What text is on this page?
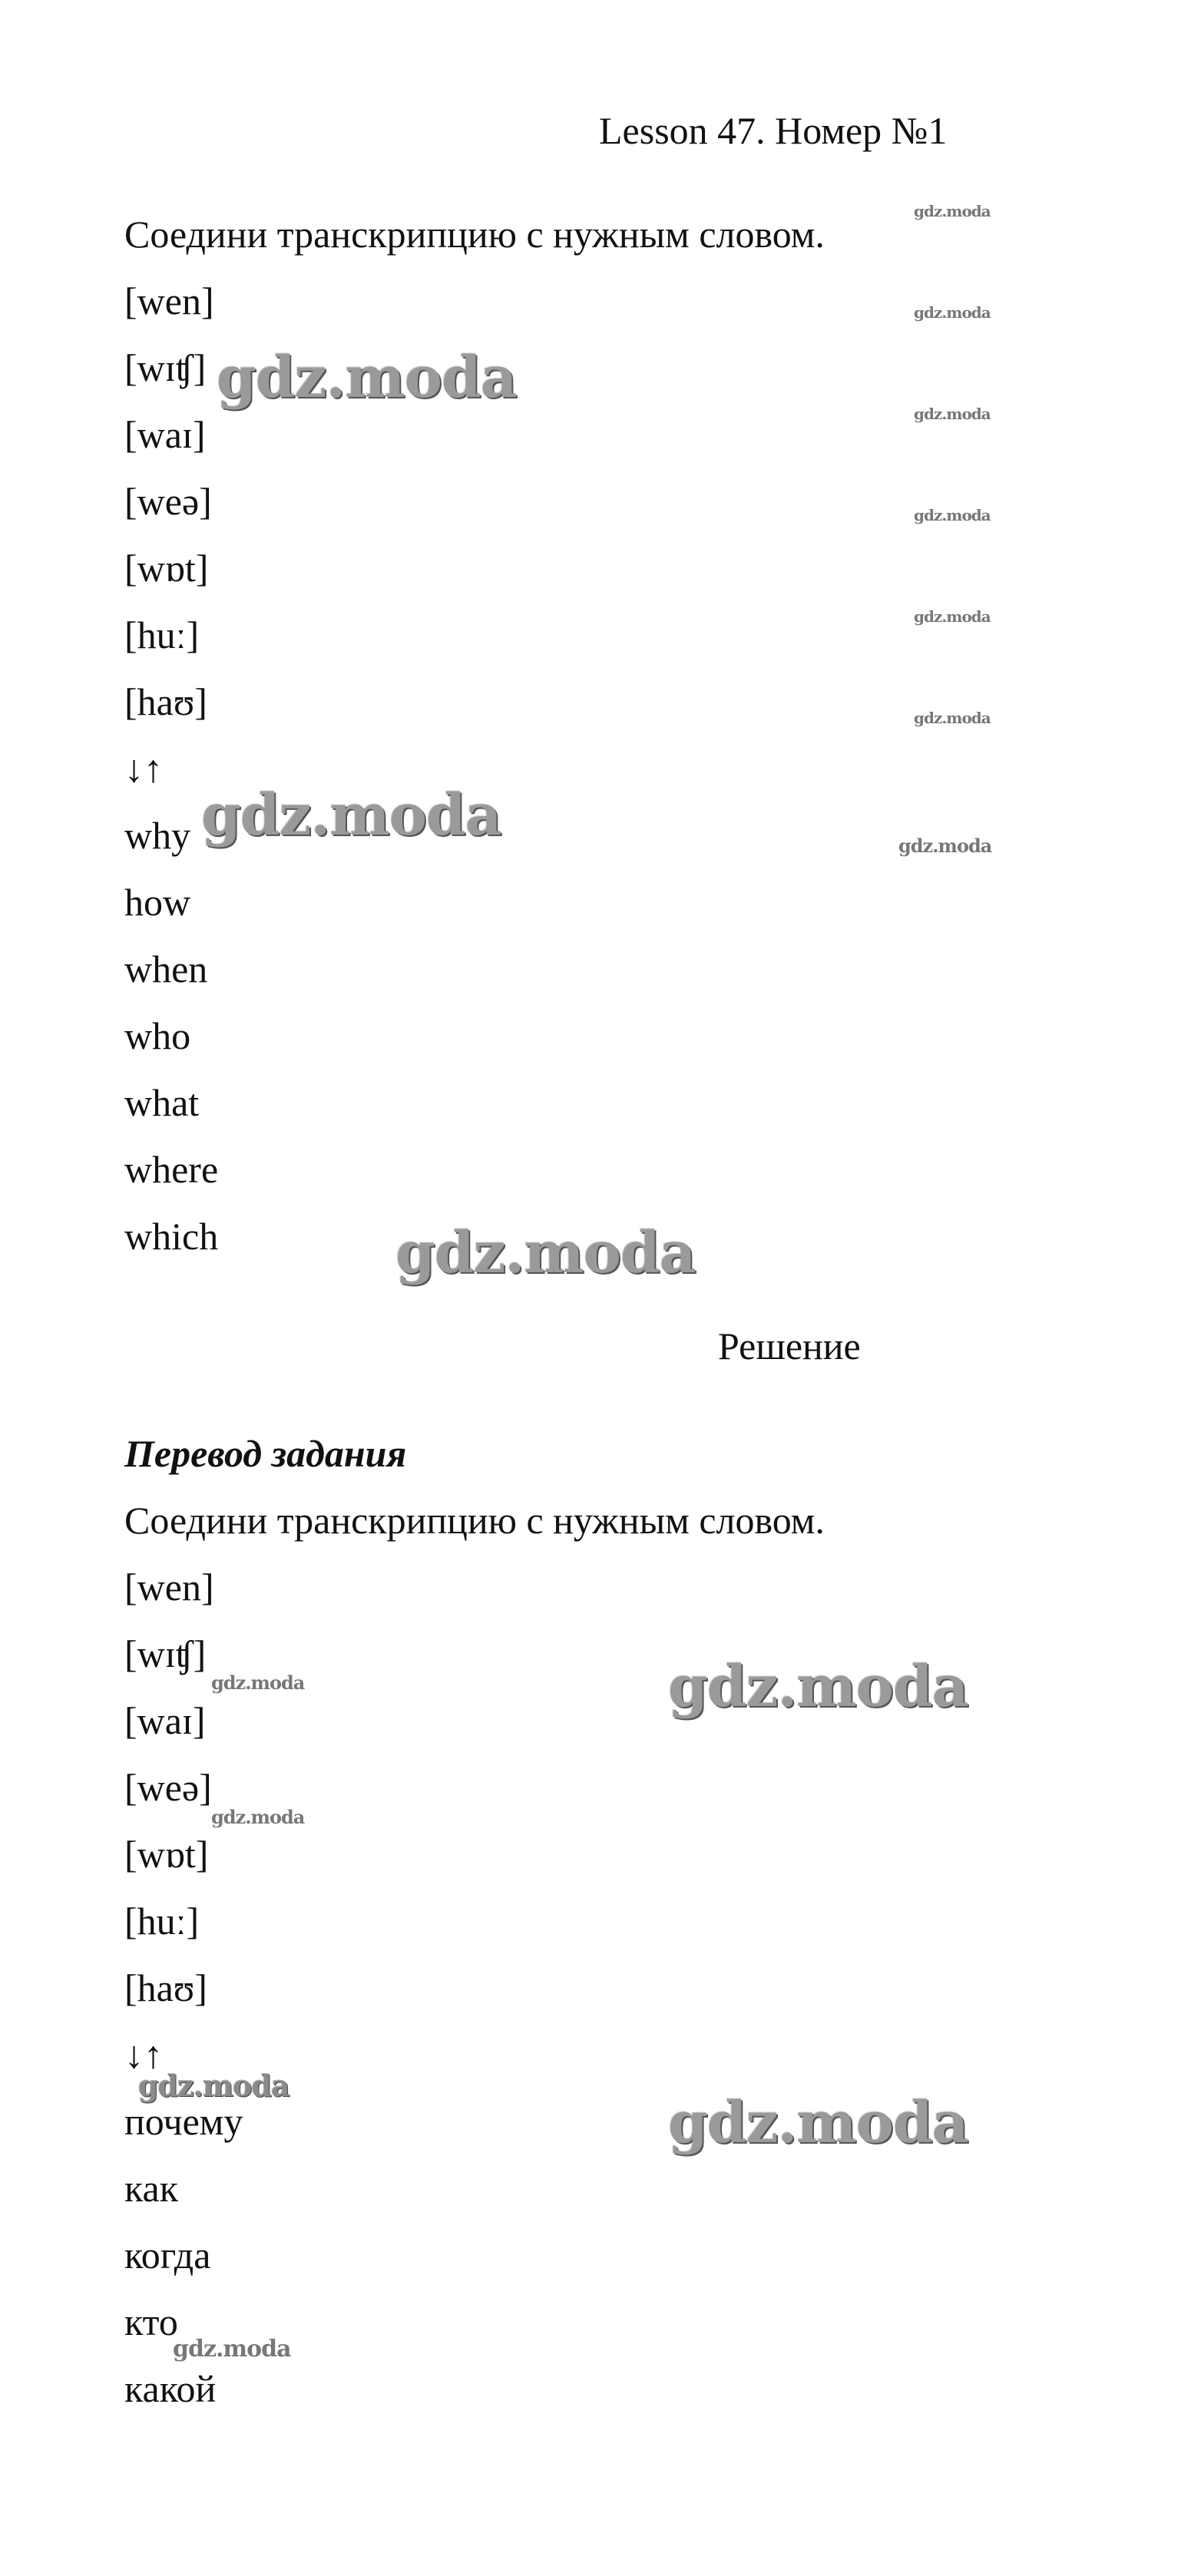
Lesson 47. Номер №1
Соедини транскрипцию с нужным словом.
[wen]
[wɪʧ]
[waɪ]
[weə]
[wɒt]
[huː]
[haʊ]
↓↑
why
how
when
who
what
where
which
Решение
Перевод задания
Соедини транскрипцию с нужным словом.
[wen]
[wɪʧ]
[waɪ]
[weə]
[wɒt]
[huː]
[haʊ]
↓↑
почему
как
когда
кто
какой
gdz.moda
gdz.moda
gdz.moda
gdz.moda
gdz.moda
gdz.moda
gdz.moda
gdz.moda
gdz.moda
gdz.moda
gdz.moda
gdz.moda
gdz.moda
gdz.moda
gdz.moda
gdz.moda
